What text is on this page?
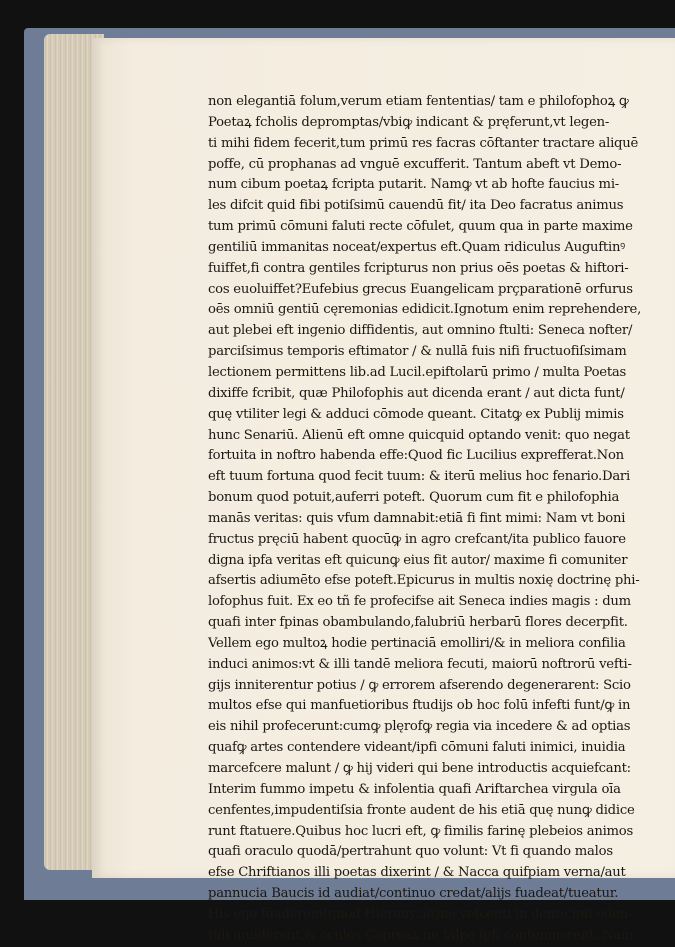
non elegantiā folum,verum etiam fententias/ tam e philofophoꝝ ꝙ
Poetaꝝ fcholis depromptas/vbiꝙ indicant & pręferunt,vt legen-
ti mihi fidem fecerit,tum primū res facras cōftanter tractare aliquē
poffe, cū prophanas ad vnguē excufferit. Tantum abeft vt Demo-
num cibum poetaꝝ fcripta putarit. Namꝙ vt ab hofte faucius mi-
les difcit quid fibi potiſsimū cauendū fit/ ita Deo facratus animus
tum primū cōmuni faluti recte cōfulet, quum qua in parte maxime
gentiliū immanitas noceat/expertus eft.Quam ridiculus Auguftinꝰ
fuiffet,fi contra gentiles fcripturus non prius oēs poetas & hiftori-
cos euoluiffet?Eufebius grecus Euangelicam prçparationē orfurus
oēs omniū gentiū cęremonias edidicit.Ignotum enim reprehendere,
aut plebei eft ingenio diffidentis, aut omnino ftulti: Seneca nofter/
parciſsimus temporis eftimator / & nullā fuis nifi fructuofiſsimam
lectionem permittens lib.ad Lucil.epiftolarū primo / multa Poetas
dixiffe fcribit, quæ Philofophis aut dicenda erant / aut dicta funt/
quę vtiliter legi & adduci cōmode queant. Citatꝙ ex Publij mimis
hunc Senariū. Alienū eft omne quicquid optando venit: quo negat
fortuita in noftro habenda effe:Quod fic Lucilius exprefferat.Non
eft tuum fortuna quod fecit tuum: & iterū melius hoc fenario.Dari
bonum quod potuit,auferri poteft. Quorum cum fit e philofophia
manās veritas: quis vfum damnabit:etiā fi fint mimi: Nam vt boni
fructus pręciū habent quocūꝙ in agro crefcant/ita publico fauore
digna ipfa veritas eft quicunꝙ eius fit autor/ maxime fi comuniter
afsertis adiumēto efse poteft.Epicurus in multis noxię doctrinę phi-
lofophus fuit. Ex eo tñ fe profecifse ait Seneca indies magis : dum
quafi inter fpinas obambulando,falubriū herbarū flores decerpfit.
Vellem ego multoꝝ hodie pertinaciā emolliri/& in meliora confilia
induci animos:vt & illi tandē meliora fecuti, maiorū noftrorū vefti-
gijs inniterentur potius / ꝙ errorem afserendo degenerarent: Scio
multos efse qui manfuetioribus ftudijs ob hoc folū infefti funt/ꝙ in
eis nihil profecerunt:cumꝙ plęrofꝙ regia via incedere & ad optias
quafꝙ artes contendere videant/ipfi cōmuni faluti inimici, inuidia
marcefcere malunt / ꝙ hij videri qui bene introductis acquiefcant:
Interim fummo impetu & infolentia quafi Ariftarchea virgula oīa
cenfentes,impudentiſsia fronte audent de his etiā quę nunꝙ didice
runt ftatuere.Quibus hoc lucri eft, ꝙ fimilis farinę plebeios animos
quafi oraculo quodā/pertrahunt quo volunt: Vt fi quando malos
efse Chriftianos illi poetas dixerint / & Nacca quifpiam verna/aut
pannucia Baucis id audiat/continuo credat/alijs fuadeat/tueatur.
His ego fuaderem(quod Hierony.ait)ne vefcenti in dente,ipfi eden-
tuli inuiderent,& oculos Capreaꝝ ne talpę ipfi contemnerent. Nam
